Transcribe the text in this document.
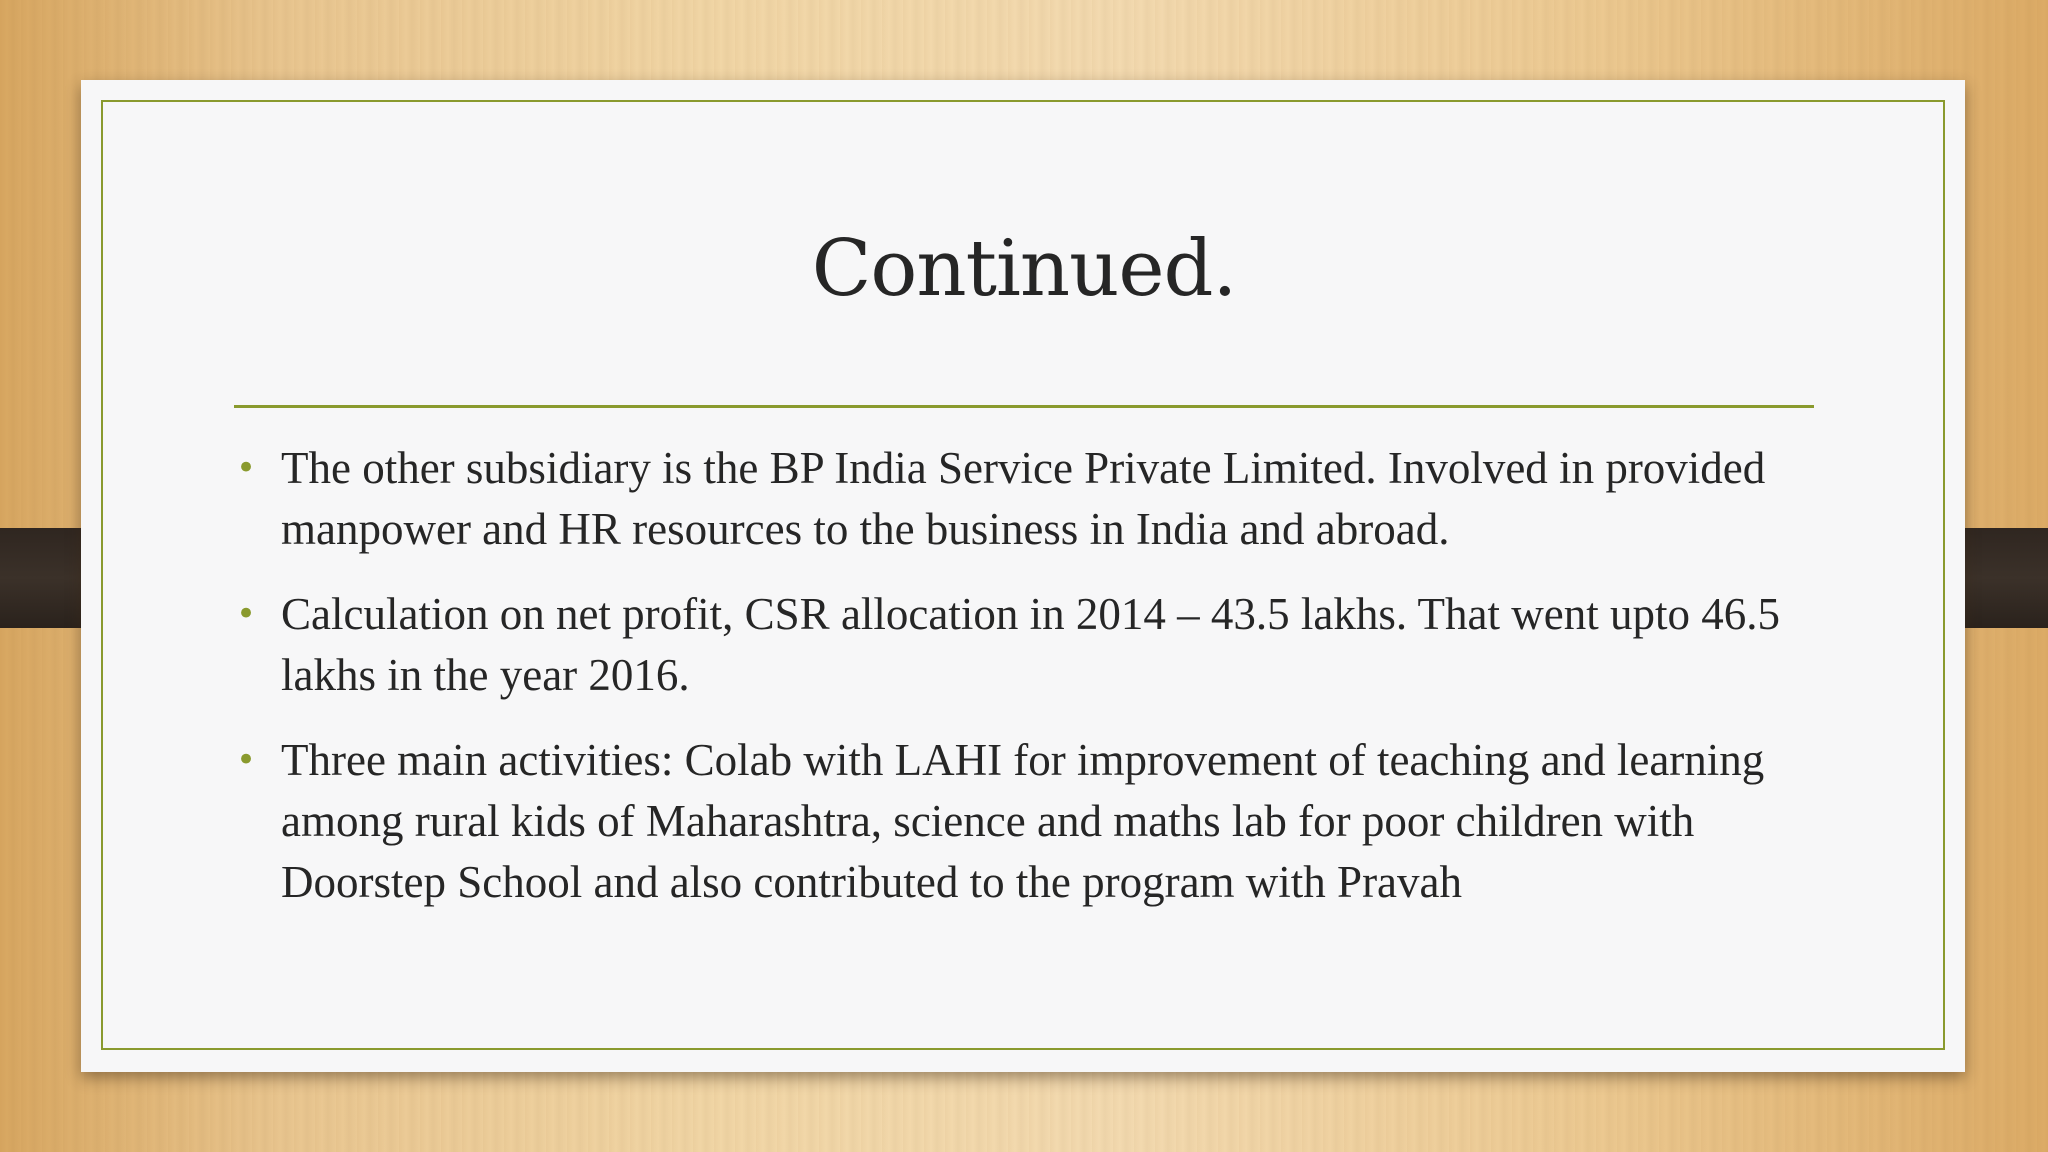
Continued.
• The other subsidiary is the BP India Service Private Limited. Involved in provided manpower and HR resources to the business in India and abroad.
• Calculation on net profit, CSR allocation in 2014 – 43.5 lakhs. That went upto 46.5 lakhs in the year 2016.
• Three main activities: Colab with LAHI for improvement of teaching and learning among rural kids of Maharashtra, science and maths lab for poor children with Doorstep School and also contributed to the program with Pravah
